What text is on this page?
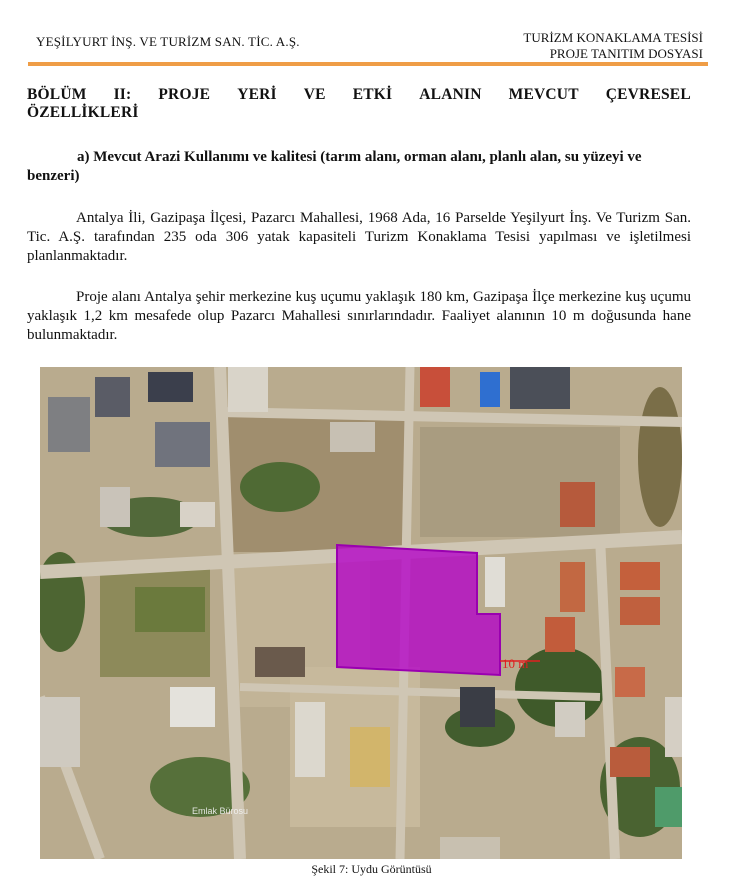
YEŞİLYURT İNŞ. VE TURİZM SAN. TİC. A.Ş.	TURİZM KONAKLAMA TESİSİ
PROJE TANITIM DOSYASI
BÖLÜM II: PROJE YERİ VE ETKİ ALANIN MEVCUT ÇEVRESEL
ÖZELLİKLERİ
a) Mevcut Arazi Kullanımı ve kalitesi (tarım alanı, orman alanı, planlı alan, su yüzeyi ve benzeri)
Antalya İli, Gazipaşa İlçesi, Pazarcı Mahallesi, 1968 Ada, 16 Parselde Yeşilyurt İnş. Ve Turizm San. Tic. A.Ş. tarafından 235 oda 306 yatak kapasiteli Turizm Konaklama Tesisi yapılması ve işletilmesi planlanmaktadır.
Proje alanı Antalya şehir merkezine kuş uçumu yaklaşık 180 km, Gazipaşa İlçe merkezine kuş uçumu yaklaşık 1,2 km mesafede olup Pazarcı Mahallesi sınırlarındadır. Faaliyet alanının 10 m doğusunda hane bulunmaktadır.
10 m
Emlak Bürosu
Şekil 7: Uydu Görüntüsü
